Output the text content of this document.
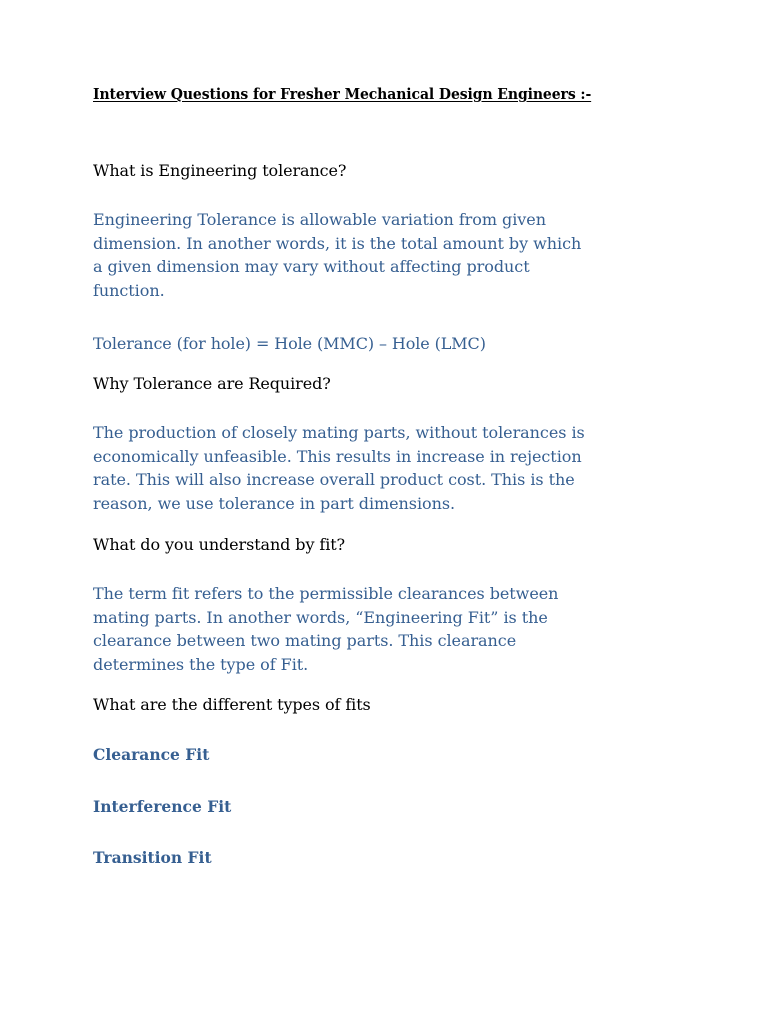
Interview Questions for Fresher Mechanical Design Engineers :-

What is Engineering tolerance?

Engineering Tolerance is allowable variation from given
dimension. In another words, it is the total amount by which
a given dimension may vary without affecting product
function.

Tolerance (for hole) = Hole (MMC) – Hole (LMC)

Why Tolerance are Required?

The production of closely mating parts, without tolerances is
economically unfeasible. This results in increase in rejection
rate. This will also increase overall product cost. This is the
reason, we use tolerance in part dimensions.

What do you understand by fit?

The term fit refers to the permissible clearances between
mating parts. In another words, “Engineering Fit” is the
clearance between two mating parts. This clearance
determines the type of Fit.

What are the different types of fits

Clearance Fit

Interference Fit

Transition Fit
